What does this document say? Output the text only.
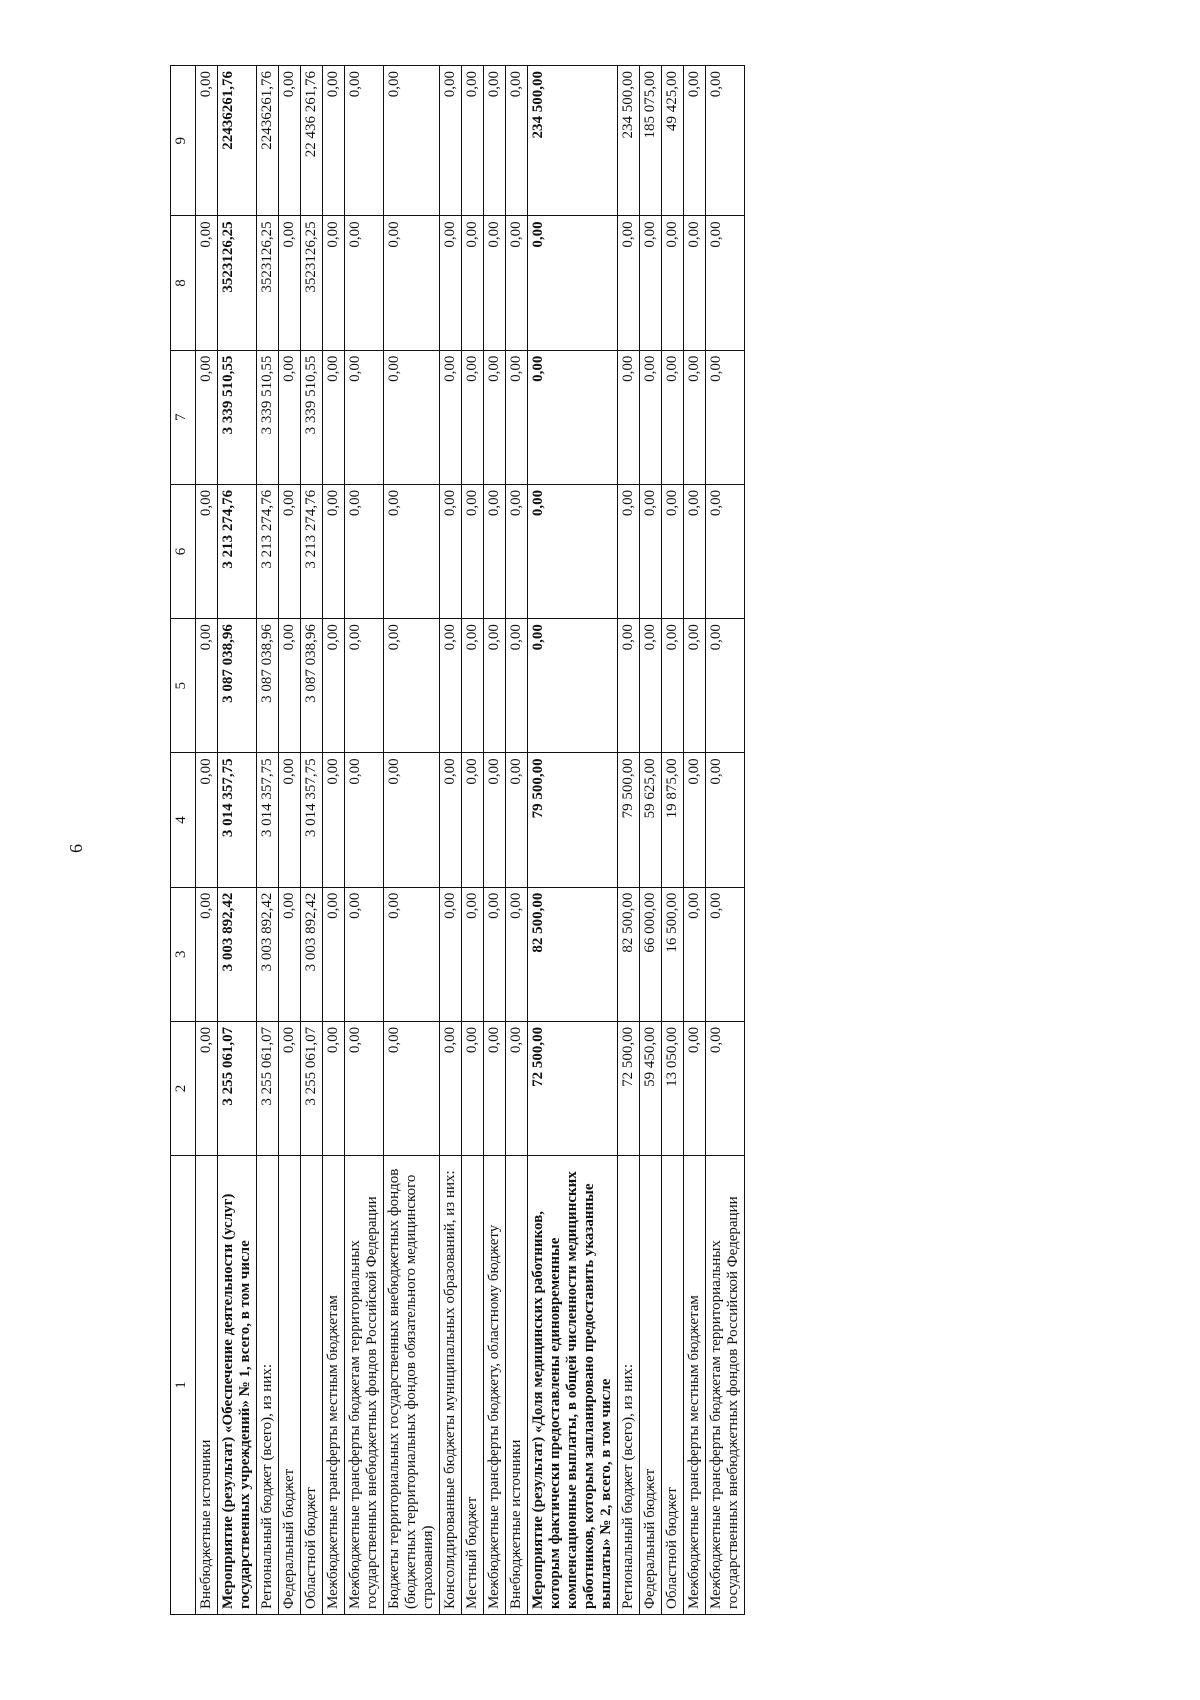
6
1	2	3	4	5	6	7	8	9
Внебюджетные источники	0,00	0,00	0,00	0,00	0,00	0,00	0,00	0,00
Мероприятие (результат) «Обеспечение деятельности (услуг) государственных учреждений» № 1, всего, в том числе	3 255 061,07	3 003 892,42	3 014 357,75	3 087 038,96	3 213 274,76	3 339 510,55	3523126,25	22436261,76
Региональный бюджет (всего), из них:	3 255 061,07	3 003 892,42	3 014 357,75	3 087 038,96	3 213 274,76	3 339 510,55	3523126,25	22436261,76
Федеральный бюджет	0,00	0,00	0,00	0,00	0,00	0,00	0,00	0,00
Областной бюджет	3 255 061,07	3 003 892,42	3 014 357,75	3 087 038,96	3 213 274,76	3 339 510,55	3523126,25	22 436 261,76
Межбюджетные трансферты местным бюджетам	0,00	0,00	0,00	0,00	0,00	0,00	0,00	0,00
Межбюджетные трансферты бюджетам территориальных государственных внебюджетных фондов Российской Федерации	0,00	0,00	0,00	0,00	0,00	0,00	0,00	0,00
Бюджеты территориальных государственных внебюджетных фондов (бюджетных территориальных фондов обязательного медицинского страхования)	0,00	0,00	0,00	0,00	0,00	0,00	0,00	0,00
Консолидированные бюджеты муниципальных образований, из них:	0,00	0,00	0,00	0,00	0,00	0,00	0,00	0,00
Местный бюджет	0,00	0,00	0,00	0,00	0,00	0,00	0,00	0,00
Межбюджетные трансферты бюджету, областному бюджету	0,00	0,00	0,00	0,00	0,00	0,00	0,00	0,00
Внебюджетные источники	0,00	0,00	0,00	0,00	0,00	0,00	0,00	0,00
Мероприятие (результат) «Доля медицинских работников, которым фактически предоставлены единовременные компенсационные выплаты, в общей численности медицинских работников, которым запланировано предоставить указанные выплаты» № 2, всего, в том числе	72 500,00	82 500,00	79 500,00	0,00	0,00	0,00	0,00	234 500,00
Региональный бюджет (всего), из них:	72 500,00	82 500,00	79 500,00	0,00	0,00	0,00	0,00	234 500,00
Федеральный бюджет	59 450,00	66 000,00	59 625,00	0,00	0,00	0,00	0,00	185 075,00
Областной бюджет	13 050,00	16 500,00	19 875,00	0,00	0,00	0,00	0,00	49 425,00
Межбюджетные трансферты местным бюджетам	0,00	0,00	0,00	0,00	0,00	0,00	0,00	0,00
Межбюджетные трансферты бюджетам территориальных государственных внебюджетных фондов Российской Федерации	0,00	0,00	0,00	0,00	0,00	0,00	0,00	0,00
